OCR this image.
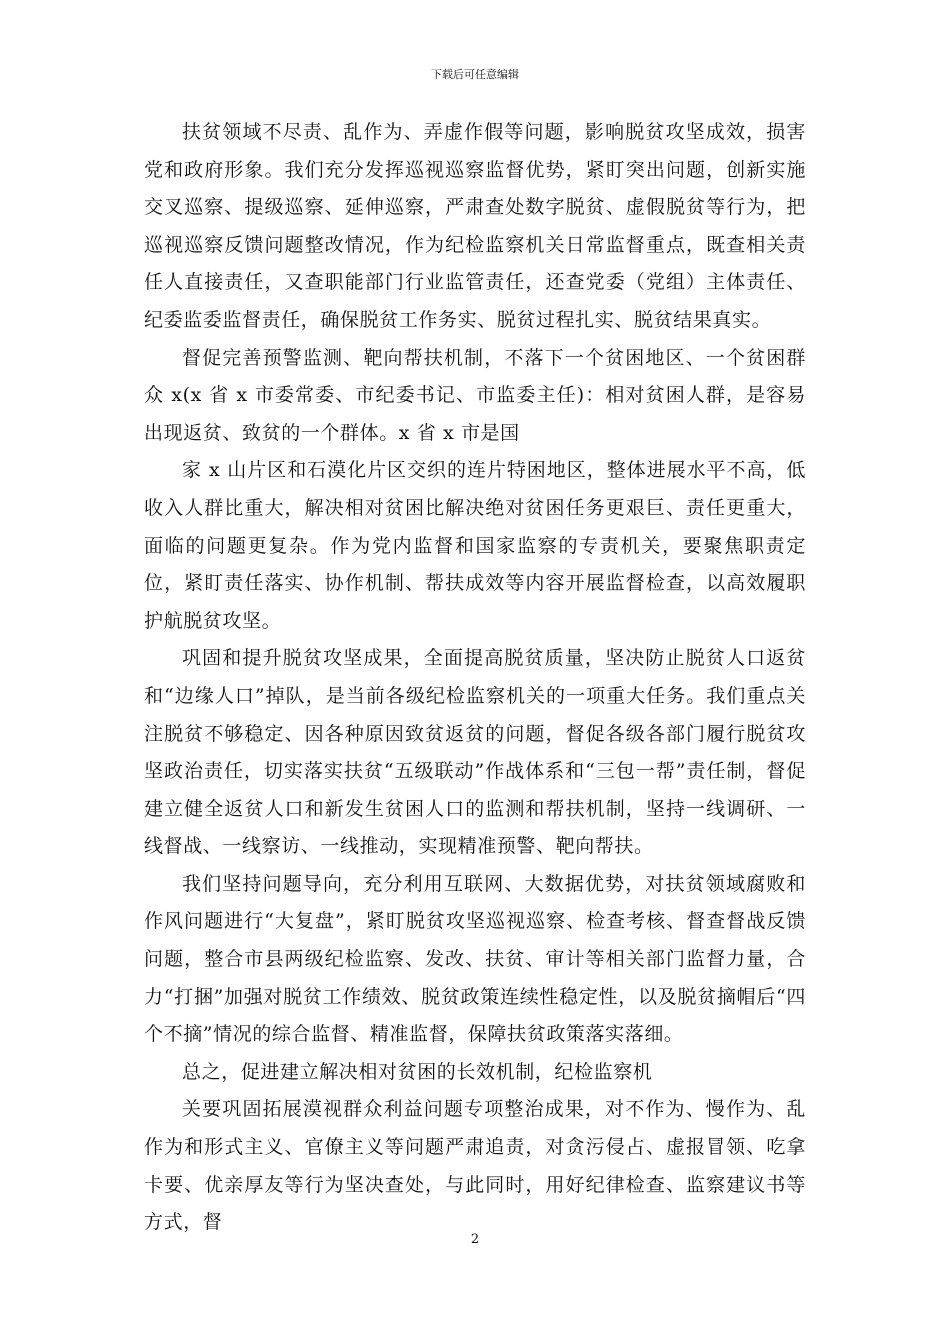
下载后可任意编辑

扶贫领域不尽责、乱作为、弄虚作假等问题，影响脱贫攻坚成效，损害党和政府形象。我们充分发挥巡视巡察监督优势，紧盯突出问题，创新实施交叉巡察、提级巡察、延伸巡察，严肃查处数字脱贫、虚假脱贫等行为，把巡视巡察反馈问题整改情况，作为纪检监察机关日常监督重点，既查相关责任人直接责任，又查职能部门行业监管责任，还查党委（党组）主体责任、纪委监委监督责任，确保脱贫工作务实、脱贫过程扎实、脱贫结果真实。

督促完善预警监测、靶向帮扶机制，不落下一个贫困地区、一个贫困群众 x(x 省 x 市委常委、市纪委书记、市监委主任)：相对贫困人群，是容易出现返贫、致贫的一个群体。x 省 x 市是国

家 x 山片区和石漠化片区交织的连片特困地区，整体进展水平不高，低收入人群比重大，解决相对贫困比解决绝对贫困任务更艰巨、责任更重大，面临的问题更复杂。作为党内监督和国家监察的专责机关，要聚焦职责定位，紧盯责任落实、协作机制、帮扶成效等内容开展监督检查，以高效履职护航脱贫攻坚。

巩固和提升脱贫攻坚成果，全面提高脱贫质量，坚决防止脱贫人口返贫和“边缘人口”掉队，是当前各级纪检监察机关的一项重大任务。我们重点关注脱贫不够稳定、因各种原因致贫返贫的问题，督促各级各部门履行脱贫攻坚政治责任，切实落实扶贫“五级联动”作战体系和“三包一帮”责任制，督促建立健全返贫人口和新发生贫困人口的监测和帮扶机制，坚持一线调研、一线督战、一线察访、一线推动，实现精准预警、靶向帮扶。

我们坚持问题导向，充分利用互联网、大数据优势，对扶贫领域腐败和作风问题进行“大复盘”，紧盯脱贫攻坚巡视巡察、检查考核、督查督战反馈问题，整合市县两级纪检监察、发改、扶贫、审计等相关部门监督力量，合力“打捆”加强对脱贫工作绩效、脱贫政策连续性稳定性，以及脱贫摘帽后“四个不摘”情况的综合监督、精准监督，保障扶贫政策落实落细。

总之，促进建立解决相对贫困的长效机制，纪检监察机

关要巩固拓展漠视群众利益问题专项整治成果，对不作为、慢作为、乱作为和形式主义、官僚主义等问题严肃追责，对贪污侵占、虚报冒领、吃拿卡要、优亲厚友等行为坚决查处，与此同时，用好纪律检查、监察建议书等方式，督

2
